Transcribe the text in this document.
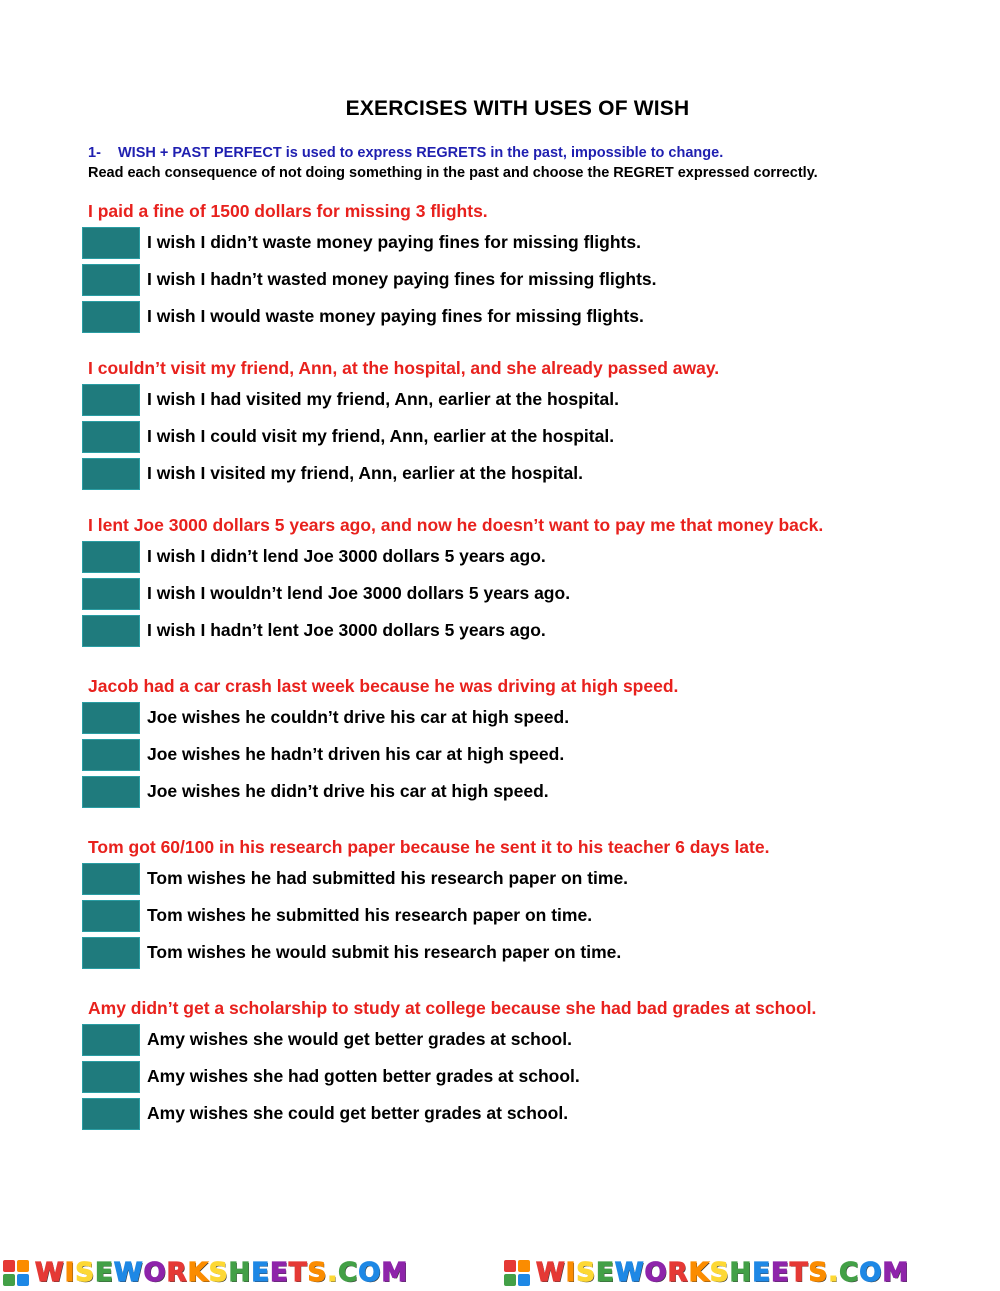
EXERCISES WITH USES OF WISH
1- WISH + PAST PERFECT is used to express REGRETS in the past, impossible to change.
Read each consequence of not doing something in the past and choose the REGRET expressed correctly.
I paid a fine of 1500 dollars for missing 3 flights.
I wish I didn’t waste money paying fines for missing flights.
I wish I hadn’t wasted money paying fines for missing flights.
I wish I would waste money paying fines for missing flights.
I couldn’t visit my friend, Ann, at the hospital, and she already passed away.
I wish I had visited my friend, Ann, earlier at the hospital.
I wish I could visit my friend, Ann, earlier at the hospital.
I wish I visited my friend, Ann, earlier at the hospital.
I lent Joe 3000 dollars 5 years ago, and now he doesn’t want to pay me that money back.
I wish I didn’t lend Joe 3000 dollars 5 years ago.
I wish I wouldn’t lend Joe 3000 dollars 5 years ago.
I wish I hadn’t lent Joe 3000 dollars 5 years ago.
Jacob had a car crash last week because he was driving at high speed.
Joe wishes he couldn’t drive his car at high speed.
Joe wishes he hadn’t driven his car at high speed.
Joe wishes he didn’t drive his car at high speed.
Tom got 60/100 in his research paper because he sent it to his teacher 6 days late.
Tom wishes he had submitted his research paper on time.
Tom wishes he submitted his research paper on time.
Tom wishes he would submit his research paper on time.
Amy didn’t get a scholarship to study at college because she had bad grades at school.
Amy wishes she would get better grades at school.
Amy wishes she had gotten better grades at school.
Amy wishes she could get better grades at school.
WISEWORKSHEETS.COM	WISEWORKSHEETS.COM
